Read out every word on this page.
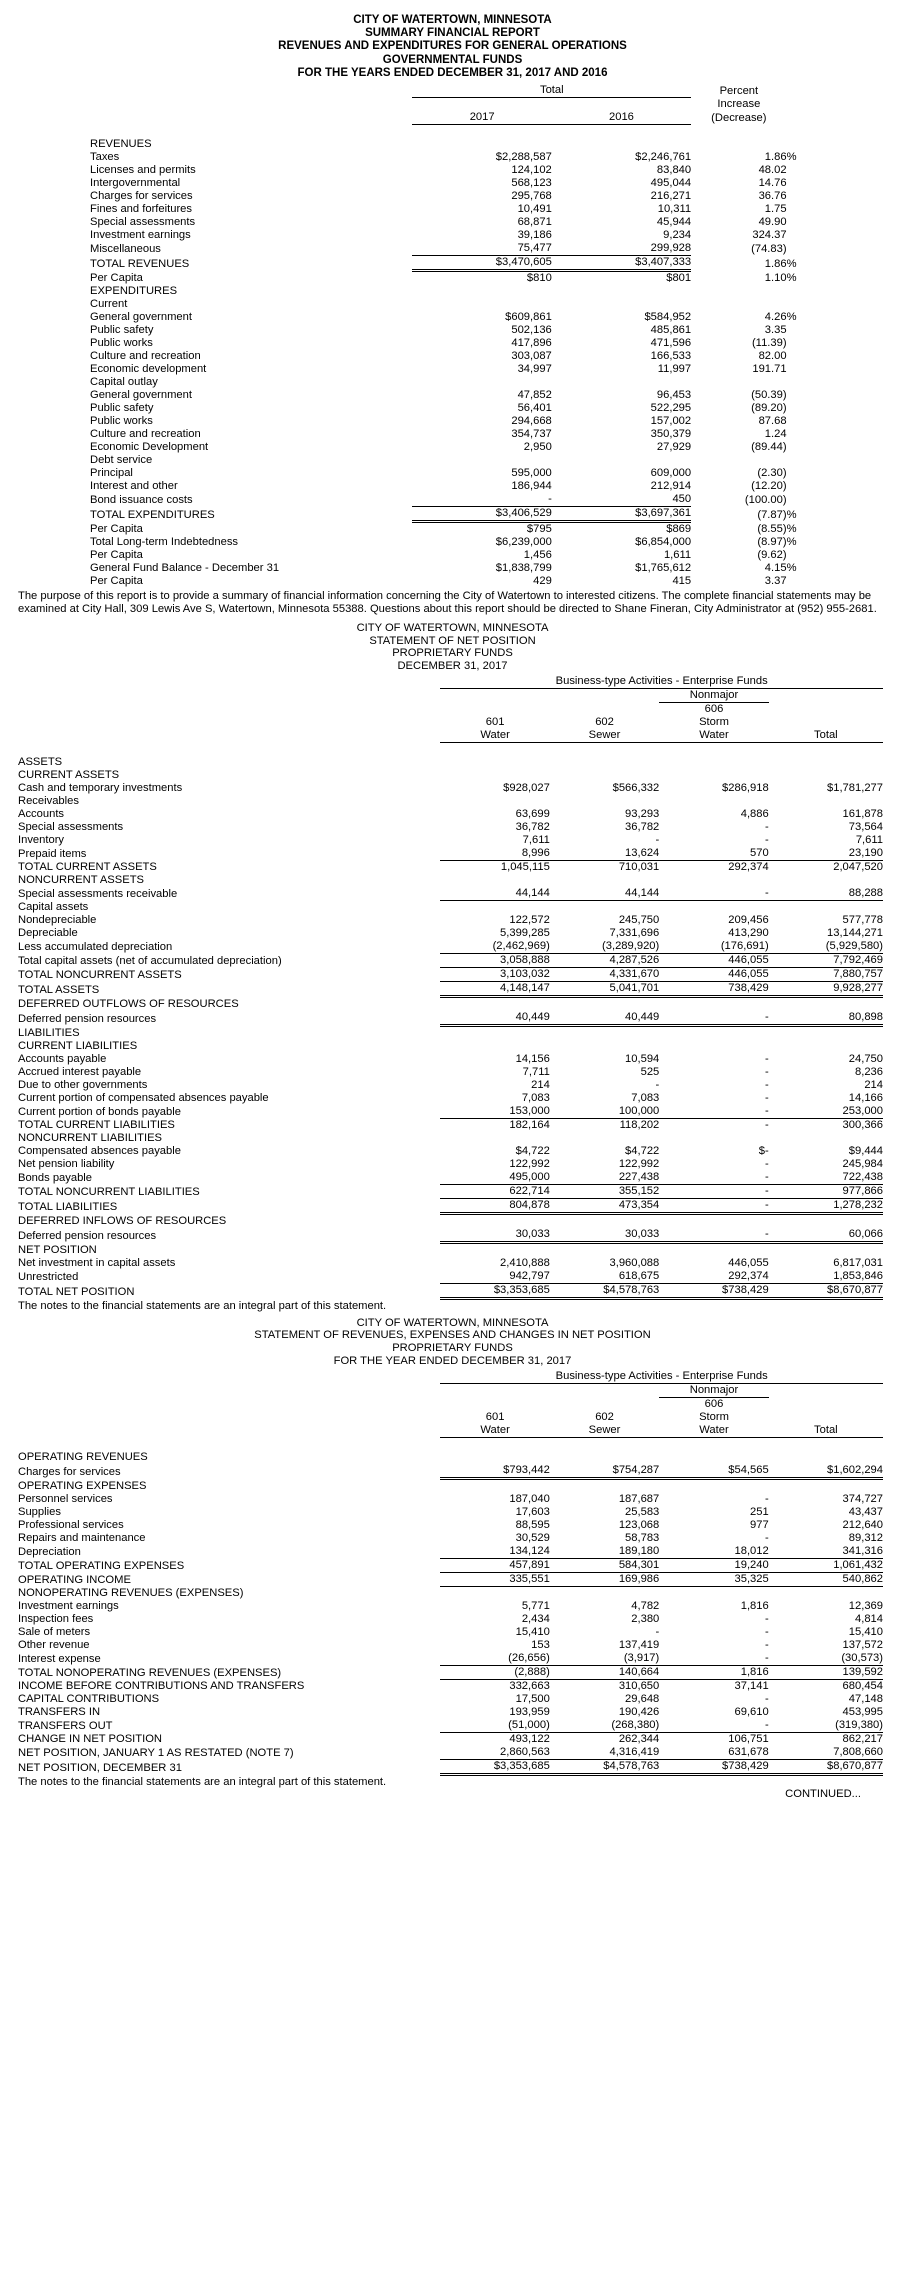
CITY OF WATERTOWN, MINNESOTA
SUMMARY FINANCIAL REPORT
REVENUES AND EXPENDITURES FOR GENERAL OPERATIONS
GOVERNMENTAL FUNDS
FOR THE YEARS ENDED DECEMBER 31, 2017 AND 2016
	Total		Percent	
			Increase	
	2017	2016	(Decrease)	

REVENUES				
Taxes	$2,288,587	$2,246,761	1.86	%
Licenses and permits	124,102	83,840	48.02	
Intergovernmental	568,123	495,044	14.76	
Charges for services	295,768	216,271	36.76	
Fines and forfeitures	10,491	10,311	1.75	
Special assessments	68,871	45,944	49.90	
Investment earnings	39,186	9,234	324.37	
Miscellaneous	75,477	299,928	(74.83)	
TOTAL REVENUES	$3,470,605	$3,407,333	1.86	%
Per Capita	$810	$801	1.10	%
EXPENDITURES				
Current				
General government	$609,861	$584,952	4.26	%
Public safety	502,136	485,861	3.35	
Public works	417,896	471,596	(11.39)	
Culture and recreation	303,087	166,533	82.00	
Economic development	34,997	11,997	191.71	
Capital outlay				
General government	47,852	96,453	(50.39)	
Public safety	56,401	522,295	(89.20)	
Public works	294,668	157,002	87.68	
Culture and recreation	354,737	350,379	1.24	
Economic Development	2,950	27,929	(89.44)	
Debt service				
Principal	595,000	609,000	(2.30)	
Interest and other	186,944	212,914	(12.20)	
Bond issuance costs	-	450	(100.00)	
TOTAL EXPENDITURES	$3,406,529	$3,697,361	(7.87)	%
Per Capita	$795	$869	(8.55)	%
Total Long-term Indebtedness	$6,239,000	$6,854,000	(8.97)	%
Per Capita	1,456	1,611	(9.62)	
General Fund Balance - December 31	$1,838,799	$1,765,612	4.15	%
Per Capita	429	415	3.37	

The purpose of this report is to provide a summary of financial information concerning the City of Watertown to interested citizens. The complete financial statements may be examined at City Hall, 309 Lewis Ave S, Watertown, Minnesota 55388. Questions about this report should be directed to Shane Fineran, City Administrator at (952) 955-2681.

CITY OF WATERTOWN, MINNESOTA
STATEMENT OF NET POSITION
PROPRIETARY FUNDS
DECEMBER 31, 2017
	Business-type Activities - Enterprise Funds			
			Nonmajor	
			606	
	601	602	Storm	
	Water	Sewer	Water	Total

ASSETS				
CURRENT ASSETS				
Cash and temporary investments	$928,027	$566,332	$286,918	$1,781,277
Receivables				
Accounts	63,699	93,293	4,886	161,878
Special assessments	36,782	36,782	-	73,564
Inventory	7,611	-	-	7,611
Prepaid items	8,996	13,624	570	23,190
TOTAL CURRENT ASSETS	1,045,115	710,031	292,374	2,047,520
NONCURRENT ASSETS				
Special assessments receivable	44,144	44,144	-	88,288
Capital assets				
Nondepreciable	122,572	245,750	209,456	577,778
Depreciable	5,399,285	7,331,696	413,290	13,144,271
Less accumulated depreciation	(2,462,969)	(3,289,920)	(176,691)	(5,929,580)
Total capital assets (net of accumulated depreciation)	3,058,888	4,287,526	446,055	7,792,469
TOTAL NONCURRENT ASSETS	3,103,032	4,331,670	446,055	7,880,757
TOTAL ASSETS	4,148,147	5,041,701	738,429	9,928,277
DEFERRED OUTFLOWS OF RESOURCES				
Deferred pension resources	40,449	40,449	-	80,898
LIABILITIES				
CURRENT LIABILITIES				
Accounts payable	14,156	10,594	-	24,750
Accrued interest payable	7,711	525	-	8,236
Due to other governments	214	-	-	214
Current portion of compensated absences payable	7,083	7,083	-	14,166
Current portion of bonds payable	153,000	100,000	-	253,000
TOTAL CURRENT LIABILITIES	182,164	118,202	-	300,366
NONCURRENT LIABILITIES				
Compensated absences payable	$4,722	$4,722	$-	$9,444
Net pension liability	122,992	122,992	-	245,984
Bonds payable	495,000	227,438	-	722,438
TOTAL NONCURRENT LIABILITIES	622,714	355,152	-	977,866
TOTAL LIABILITIES	804,878	473,354	-	1,278,232
DEFERRED INFLOWS OF RESOURCES				
Deferred pension resources	30,033	30,033	-	60,066
NET POSITION				
Net investment in capital assets	2,410,888	3,960,088	446,055	6,817,031
Unrestricted	942,797	618,675	292,374	1,853,846
TOTAL NET POSITION	$3,353,685	$4,578,763	$738,429	$8,670,877
The notes to the financial statements are an integral part of this statement.
CITY OF WATERTOWN, MINNESOTA
STATEMENT OF REVENUES, EXPENSES AND CHANGES IN NET POSITION
PROPRIETARY FUNDS
FOR THE YEAR ENDED DECEMBER 31, 2017
	Business-type Activities - Enterprise Funds			
			Nonmajor	
			606	
	601	602	Storm	
	Water	Sewer	Water	Total

OPERATING REVENUES				
Charges for services	$793,442	$754,287	$54,565	$1,602,294
OPERATING EXPENSES				
Personnel services	187,040	187,687	-	374,727
Supplies	17,603	25,583	251	43,437
Professional services	88,595	123,068	977	212,640
Repairs and maintenance	30,529	58,783	-	89,312
Depreciation	134,124	189,180	18,012	341,316
TOTAL OPERATING EXPENSES	457,891	584,301	19,240	1,061,432
OPERATING INCOME	335,551	169,986	35,325	540,862
NONOPERATING REVENUES (EXPENSES)				
Investment earnings	5,771	4,782	1,816	12,369
Inspection fees	2,434	2,380	-	4,814
Sale of meters	15,410	-	-	15,410
Other revenue	153	137,419	-	137,572
Interest expense	(26,656)	(3,917)	-	(30,573)
TOTAL NONOPERATING REVENUES (EXPENSES)	(2,888)	140,664	1,816	139,592
INCOME BEFORE CONTRIBUTIONS AND TRANSFERS	332,663	310,650	37,141	680,454
CAPITAL CONTRIBUTIONS	17,500	29,648	-	47,148
TRANSFERS IN	193,959	190,426	69,610	453,995
TRANSFERS OUT	(51,000)	(268,380)	-	(319,380)
CHANGE IN NET POSITION	493,122	262,344	106,751	862,217
NET POSITION, JANUARY 1 AS RESTATED (NOTE 7)	2,860,563	4,316,419	631,678	7,808,660
NET POSITION, DECEMBER 31	$3,353,685	$4,578,763	$738,429	$8,670,877
The notes to the financial statements are an integral part of this statement.
CONTINUED...
